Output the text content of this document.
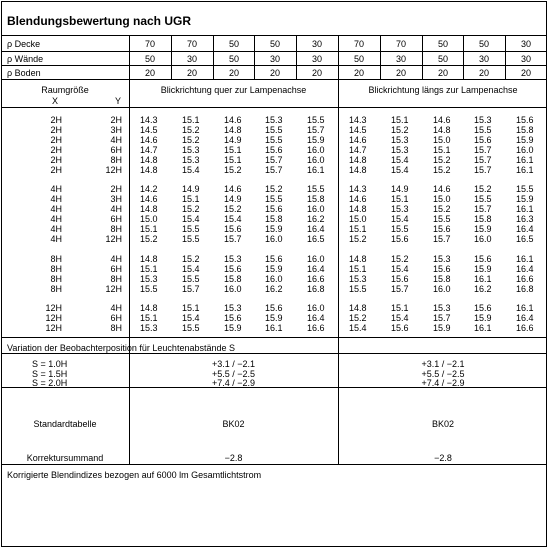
Blendungsbewertung nach UGR
Raumgröße
X	Y
Blickrichtung quer zur Lampenachse	Blickrichtung längs zur Lampenachse
Variation der Beobachterposition für Leuchtenabstände S
Standardtabelle	BK02	BK02
Korrektursummand	−2.8	−2.8
Korrigierte Blendindizes bezogen auf 6000 lm Gesamtlichtstrom
ρ Decke	70	70	50	50	30	70	70	50	50	30
ρ Wände	50	30	50	30	30	50	30	50	30	30
ρ Boden	20	20	20	20	20	20	20	20	20	20
2H	2H 14.3	15.1	14.6	15.3	15.5	14.3	15.1	14.6	15.3	15.6
2H	3H 14.5	15.2	14.8	15.5	15.7	14.5	15.2	14.8	15.5	15.8
2H	4H 14.6	15.2	14.9	15.5	15.9	14.6	15.3	15.0	15.6	15.9
2H	6H 14.7	15.3	15.1	15.6	16.0	14.7	15.3	15.1	15.7	16.0
2H	8H 14.8	15.3	15.1	15.7	16.0	14.8	15.4	15.2	15.7	16.1
2H	12H 14.8	15.4	15.2	15.7	16.1	14.8	15.4	15.2	15.7	16.1
4H	2H 14.2	14.9	14.6	15.2	15.5	14.3	14.9	14.6	15.2	15.5
4H	3H 14.6	15.1	14.9	15.5	15.8	14.6	15.1	15.0	15.5	15.9
4H	4H 14.8	15.2	15.2	15.6	16.0	14.8	15.3	15.2	15.7	16.1
4H	6H 15.0	15.4	15.4	15.8	16.2	15.0	15.4	15.5	15.8	16.3
4H	8H 15.1	15.5	15.6	15.9	16.4	15.1	15.5	15.6	15.9	16.4
4H	12H 15.2	15.5	15.7	16.0	16.5	15.2	15.6	15.7	16.0	16.5
8H	4H 14.8	15.2	15.3	15.6	16.0	14.8	15.2	15.3	15.6	16.1
8H	6H 15.1	15.4	15.6	15.9	16.4	15.1	15.4	15.6	15.9	16.4
8H	8H 15.3	15.5	15.8	16.0	16.6	15.3	15.6	15.8	16.1	16.6
8H	12H 15.5	15.7	16.0	16.2	16.8	15.5	15.7	16.0	16.2	16.8
12H	4H 14.8	15.1	15.3	15.6	16.0	14.8	15.1	15.3	15.6	16.1
12H	6H 15.1	15.4	15.6	15.9	16.4	15.2	15.4	15.7	15.9	16.4
12H	8H 15.3	15.5	15.9	16.1	16.6	15.4	15.6	15.9	16.1	16.6
S = 1.0H	+3.1 / −2.1	+3.1 / −2.1
S = 1.5H	+5.5 / −2.5	+5.5 / −2.5
S = 2.0H	+7.4 / −2.9	+7.4 / −2.9
